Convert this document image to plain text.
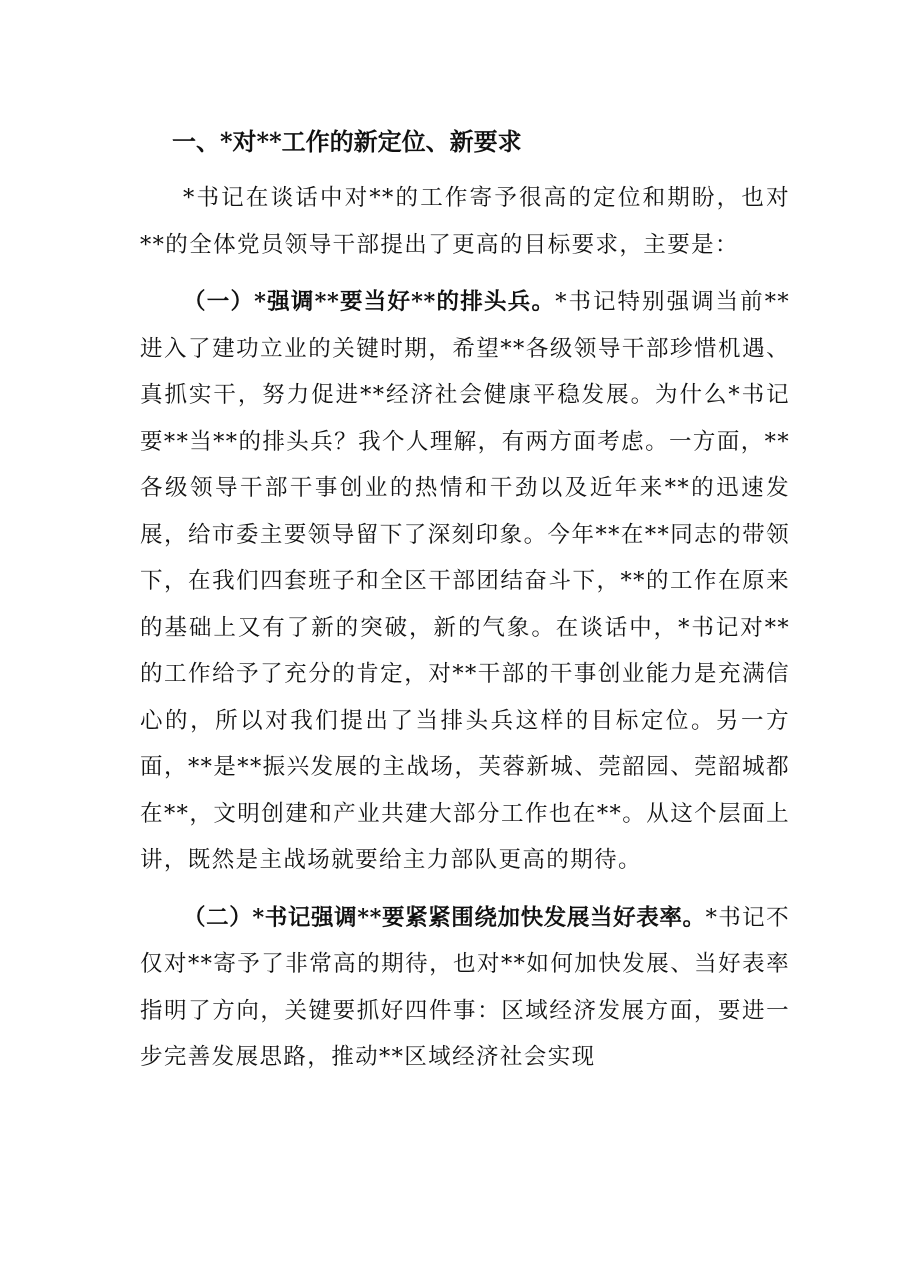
一、*对**工作的新定位、新要求

*书记在谈话中对**的工作寄予很高的定位和期盼，也对**的全体党员领导干部提出了更高的目标要求，主要是：

（一）*强调**要当好**的排头兵。*书记特别强调当前**进入了建功立业的关键时期，希望**各级领导干部珍惜机遇、真抓实干，努力促进**经济社会健康平稳发展。为什么*书记要**当**的排头兵？我个人理解，有两方面考虑。一方面，**各级领导干部干事创业的热情和干劲以及近年来**的迅速发展，给市委主要领导留下了深刻印象。今年**在**同志的带领下，在我们四套班子和全区干部团结奋斗下，**的工作在原来的基础上又有了新的突破，新的气象。在谈话中，*书记对**的工作给予了充分的肯定，对**干部的干事创业能力是充满信心的，所以对我们提出了当排头兵这样的目标定位。另一方面，**是**振兴发展的主战场，芙蓉新城、莞韶园、莞韶城都在**，文明创建和产业共建大部分工作也在**。从这个层面上讲，既然是主战场就要给主力部队更高的期待。

（二）*书记强调**要紧紧围绕加快发展当好表率。*书记不仅对**寄予了非常高的期待，也对**如何加快发展、当好表率指明了方向，关键要抓好四件事：区域经济发展方面，要进一步完善发展思路，推动**区域经济社会实现
